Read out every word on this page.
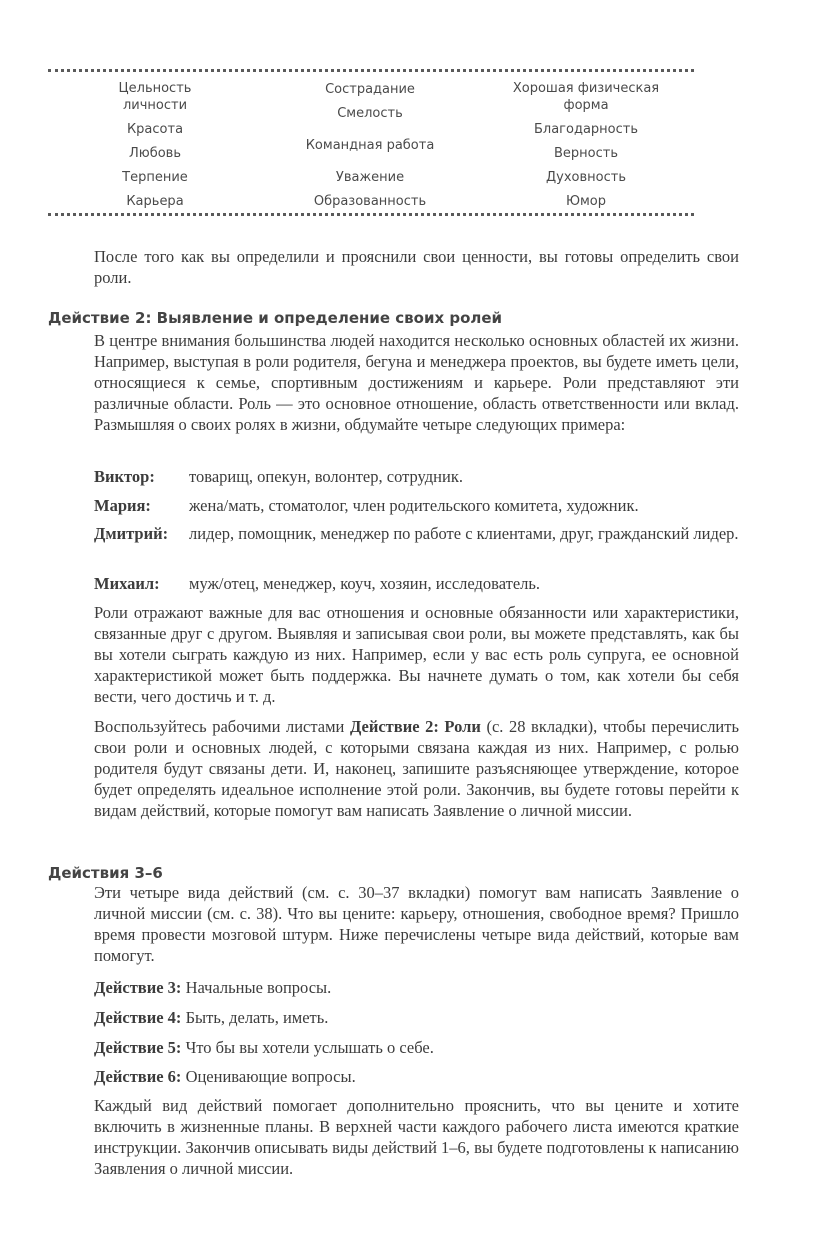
Цельность личности
Красота
Любовь
Терпение
Карьера
Сострадание
Смелость
Командная работа
Уважение
Образованность
Хорошая физическая форма
Благодарность
Верность
Духовность
Юмор

После того как вы определили и прояснили свои ценности, вы готовы определить свои роли.

Действие 2: Выявление и определение своих ролей

В центре внимания большинства людей находится несколько основных областей их жизни. Например, выступая в роли родителя, бегуна и менеджера проектов, вы будете иметь цели, относящиеся к семье, спортивным достижениям и карьере. Роли представляют эти различные области. Роль — это основное отношение, область ответственности или вклад. Размышляя о своих ролях в жизни, обдумайте четыре следующих примера:

Виктор: товарищ, опекун, волонтер, сотрудник.
Мария: жена/мать, стоматолог, член родительского комитета, художник.
Дмитрий: лидер, помощник, менеджер по работе с клиентами, друг, гражданский лидер.
Михаил: муж/отец, менеджер, коуч, хозяин, исследователь.

Роли отражают важные для вас отношения и основные обязанности или характеристики, связанные друг с другом. Выявляя и записывая свои роли, вы можете представлять, как бы вы хотели сыграть каждую из них. Например, если у вас есть роль супруга, ее основной характеристикой может быть поддержка. Вы начнете думать о том, как хотели бы себя вести, чего достичь и т. д.

Воспользуйтесь рабочими листами Действие 2: Роли (с. 28 вкладки), чтобы перечислить свои роли и основных людей, с которыми связана каждая из них. Например, с ролью родителя будут связаны дети. И, наконец, запишите разъясняющее утверждение, которое будет определять идеальное исполнение этой роли. Закончив, вы будете готовы перейти к видам действий, которые помогут вам написать Заявление о личной миссии.

Действия 3–6

Эти четыре вида действий (см. с. 30–37 вкладки) помогут вам написать Заявление о личной миссии (см. с. 38). Что вы цените: карьеру, отношения, свободное время? Пришло время провести мозговой штурм. Ниже перечислены четыре вида действий, которые вам помогут.

Действие 3: Начальные вопросы.
Действие 4: Быть, делать, иметь.
Действие 5: Что бы вы хотели услышать о себе.
Действие 6: Оценивающие вопросы.

Каждый вид действий помогает дополнительно прояснить, что вы цените и хотите включить в жизненные планы. В верхней части каждого рабочего листа имеются краткие инструкции. Закончив описывать виды действий 1–6, вы будете подготовлены к написанию Заявления о личной миссии.
